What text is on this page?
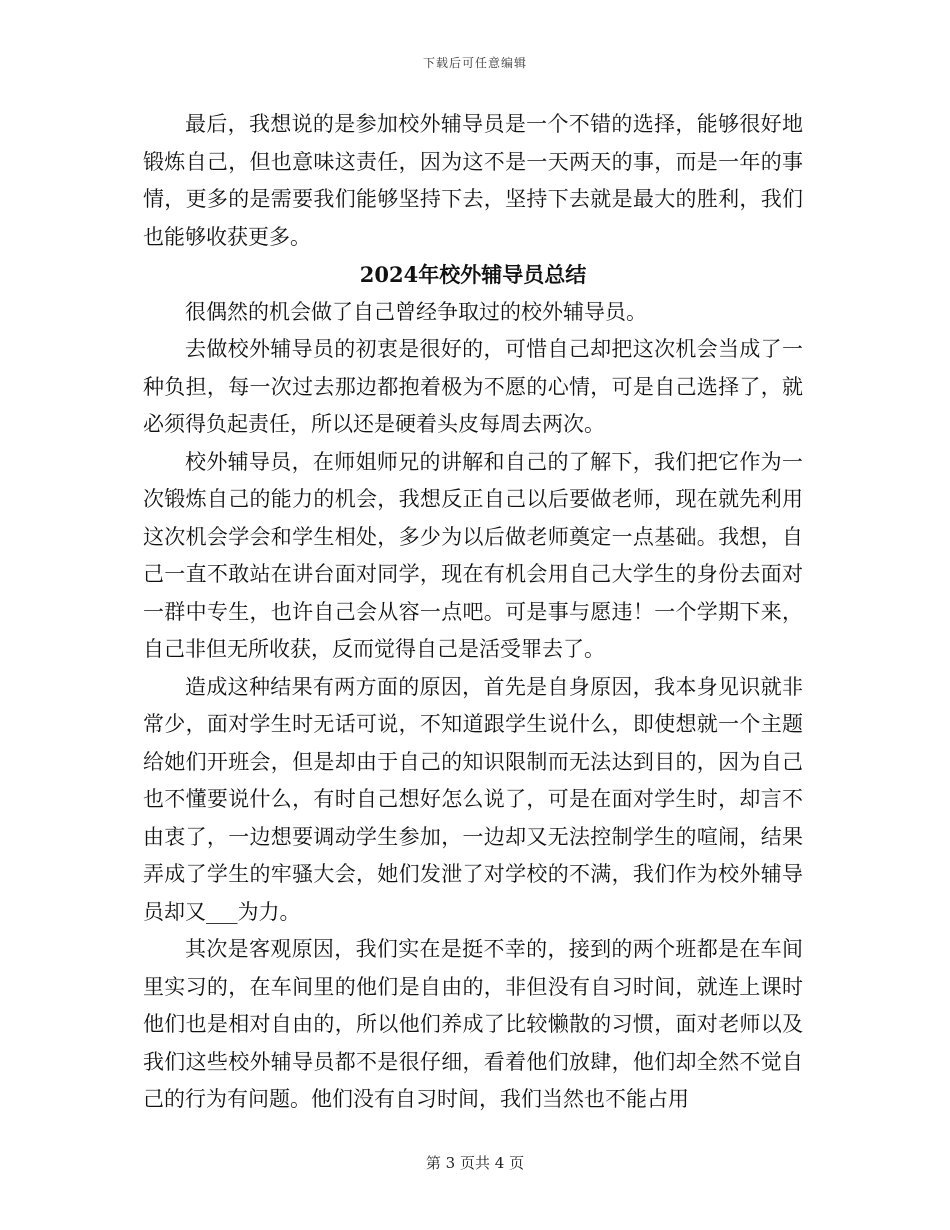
下载后可任意编辑

最后，我想说的是参加校外辅导员是一个不错的选择，能够很好地锻炼自己，但也意味这责任，因为这不是一天两天的事，而是一年的事情，更多的是需要我们能够坚持下去，坚持下去就是最大的胜利，我们也能够收获更多。

2024年校外辅导员总结

很偶然的机会做了自己曾经争取过的校外辅导员。

去做校外辅导员的初衷是很好的，可惜自己却把这次机会当成了一种负担，每一次过去那边都抱着极为不愿的心情，可是自己选择了，就必须得负起责任，所以还是硬着头皮每周去两次。

校外辅导员，在师姐师兄的讲解和自己的了解下，我们把它作为一次锻炼自己的能力的机会，我想反正自己以后要做老师，现在就先利用这次机会学会和学生相处，多少为以后做老师奠定一点基础。我想，自己一直不敢站在讲台面对同学，现在有机会用自己大学生的身份去面对一群中专生，也许自己会从容一点吧。可是事与愿违！一个学期下来，自己非但无所收获，反而觉得自己是活受罪去了。

造成这种结果有两方面的原因，首先是自身原因，我本身见识就非常少，面对学生时无话可说，不知道跟学生说什么，即使想就一个主题给她们开班会，但是却由于自己的知识限制而无法达到目的，因为自己也不懂要说什么，有时自己想好怎么说了，可是在面对学生时，却言不由衷了，一边想要调动学生参加，一边却又无法控制学生的喧闹，结果弄成了学生的牢骚大会，她们发泄了对学校的不满，我们作为校外辅导员却又___为力。

其次是客观原因，我们实在是挺不幸的，接到的两个班都是在车间里实习的，在车间里的他们是自由的，非但没有自习时间，就连上课时他们也是相对自由的，所以他们养成了比较懒散的习惯，面对老师以及我们这些校外辅导员都不是很仔细，看着他们放肆，他们却全然不觉自己的行为有问题。他们没有自习时间，我们当然也不能占用

第 3 页共 4 页
